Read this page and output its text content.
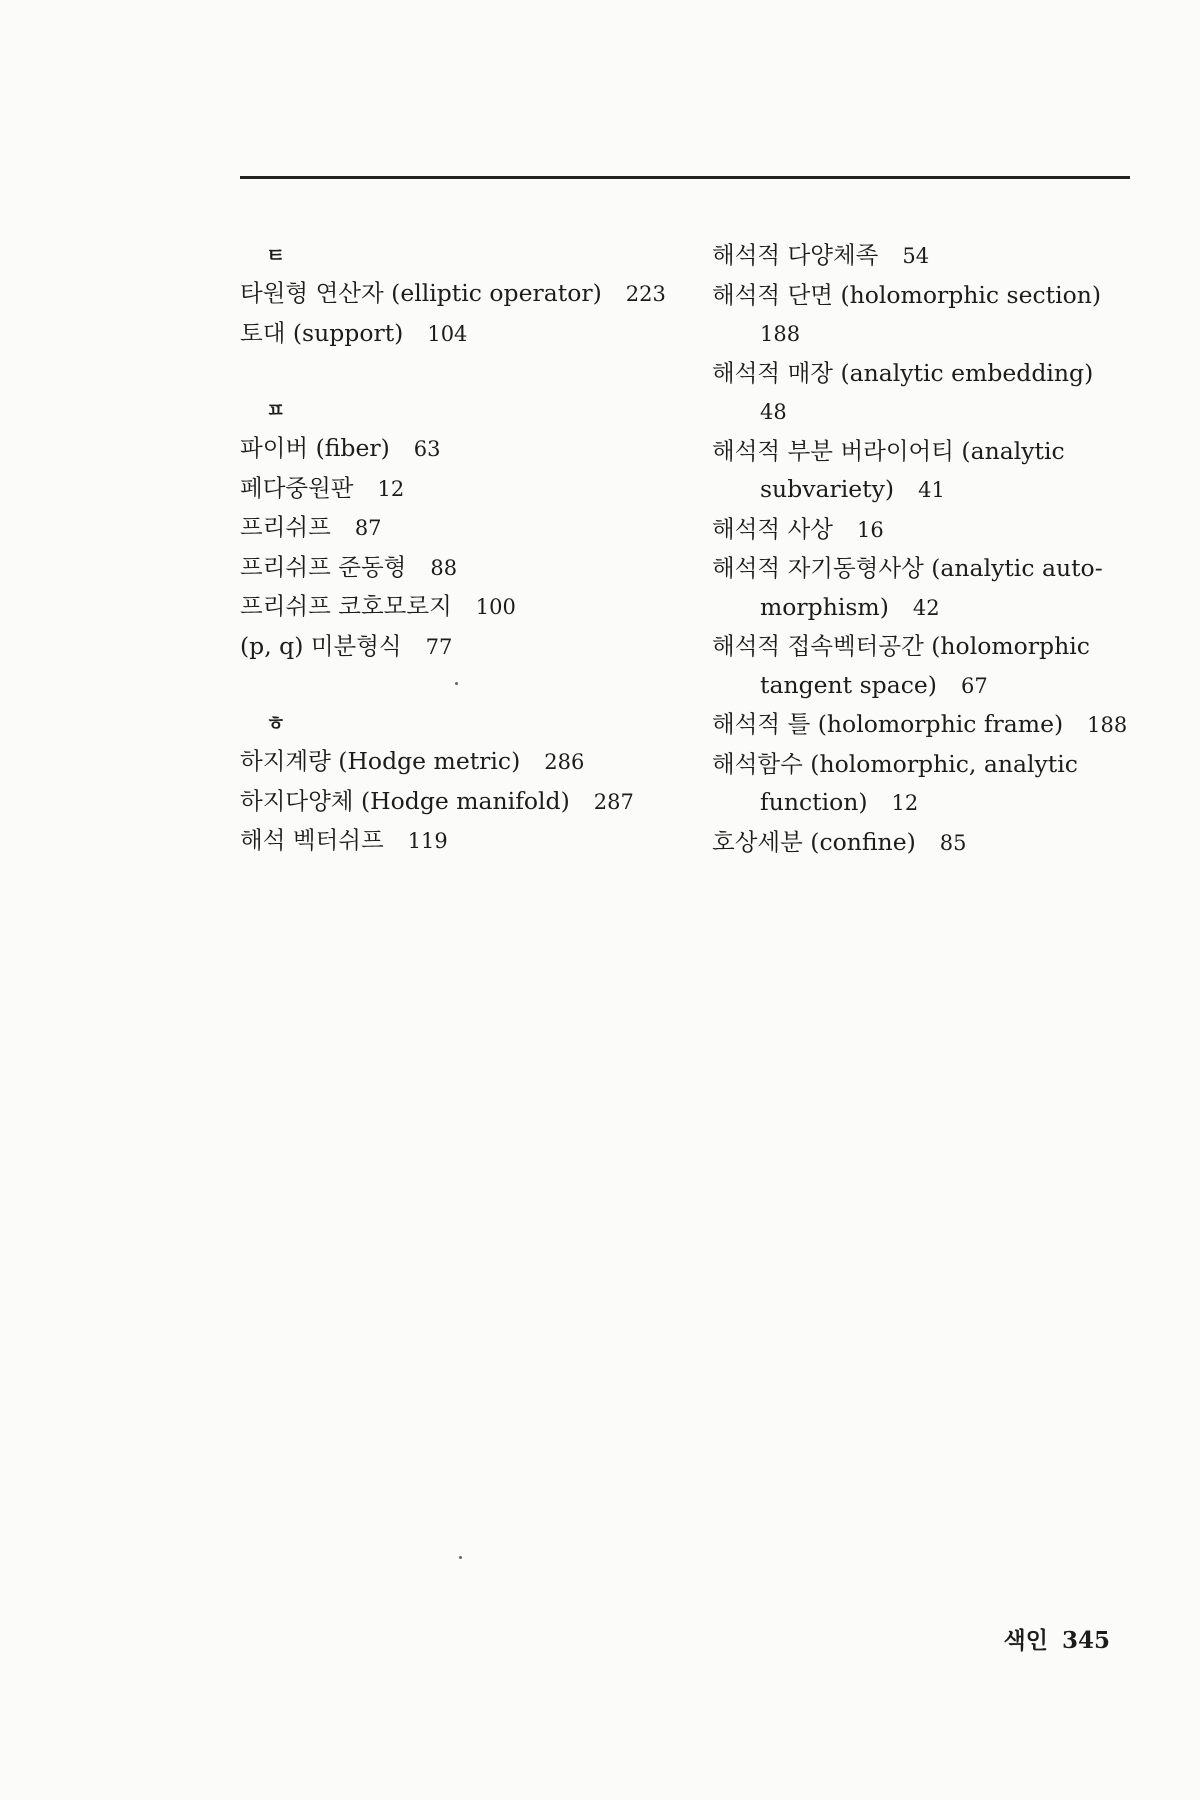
ㅌ
타원형 연산자 (elliptic operator) 223
토대 (support) 104
ㅍ
파이버 (fiber) 63
페다중원판 12
프리쉬프 87
프리쉬프 준동형 88
프리쉬프 코호모로지 100
(p, q) 미분형식 77
ㅎ
하지계량 (Hodge metric) 286
하지다양체 (Hodge manifold) 287
해석 벡터쉬프 119
해석적 다양체족 54
해석적 단면 (holomorphic section)
188
해석적 매장 (analytic embedding)
48
해석적 부분 버라이어티 (analytic
subvariety) 41
해석적 사상 16
해석적 자기동형사상 (analytic auto-
morphism) 42
해석적 접속벡터공간 (holomorphic
tangent space) 67
해석적 틀 (holomorphic frame) 188
해석함수 (holomorphic, analytic
function) 12
호상세분 (confine) 85
색인 345
